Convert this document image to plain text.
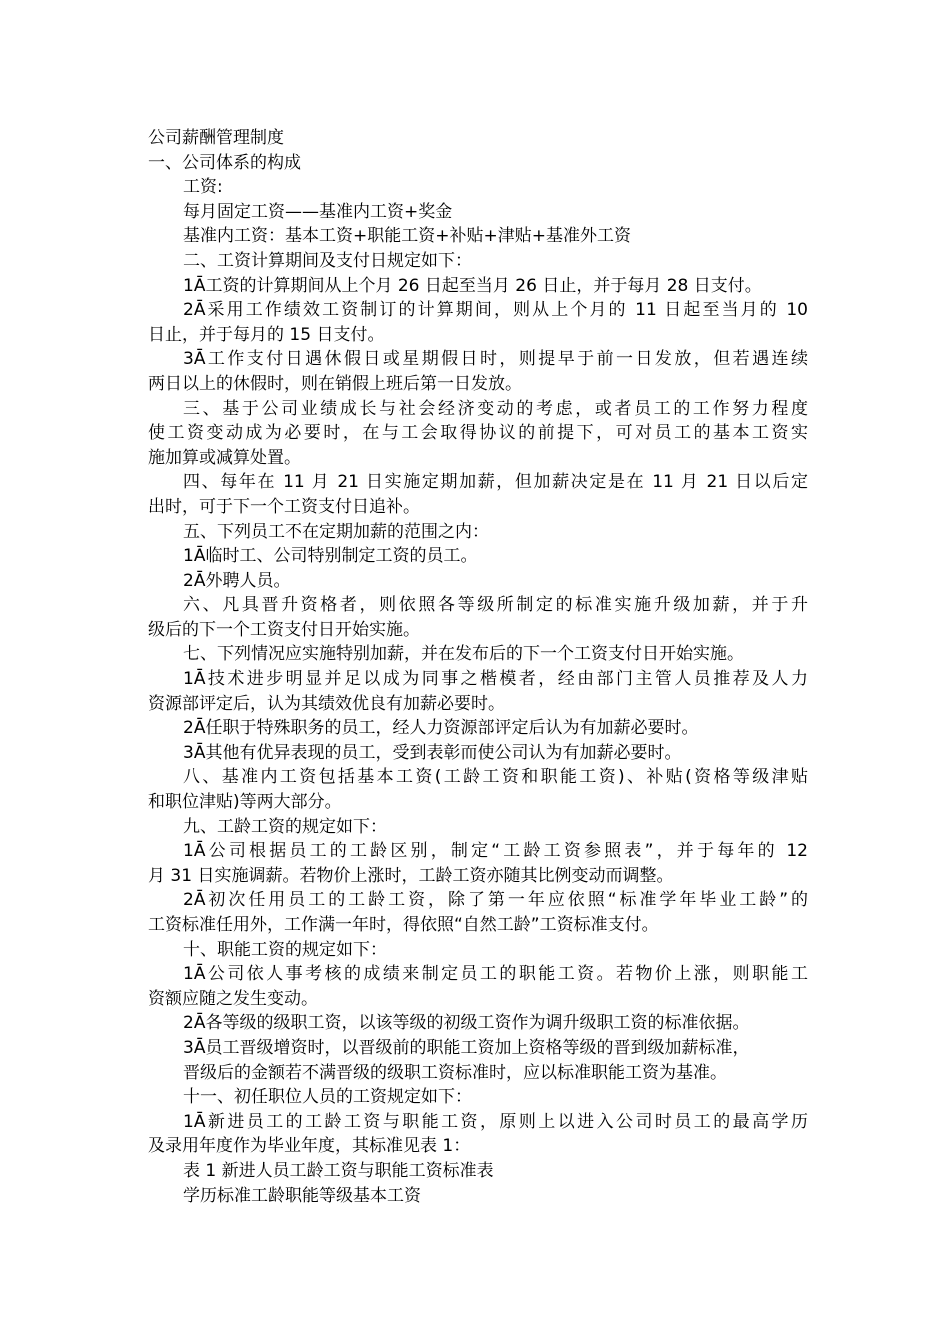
公司薪酬管理制度
一、公司体系的构成
工资:
每月固定工资——基准内工资+奖金
基准内工资：基本工资+职能工资+补贴+津贴+基准外工资
二、工资计算期间及支付日规定如下：
1Ā工资的计算期间从上个月 26 日起至当月 26 日止，并于每月 28 日支付。
2Ā采用工作绩效工资制订的计算期间，则从上个月的 11 日起至当月的 10
日止，并于每月的 15 日支付。
3Ā工作支付日遇休假日或星期假日时，则提早于前一日发放，但若遇连续
两日以上的休假时，则在销假上班后第一日发放。
三、基于公司业绩成长与社会经济变动的考虑，或者员工的工作努力程度
使工资变动成为必要时，在与工会取得协议的前提下，可对员工的基本工资实
施加算或减算处置。
四、每年在 11 月 21 日实施定期加薪，但加薪决定是在 11 月 21 日以后定
出时，可于下一个工资支付日追补。
五、下列员工不在定期加薪的范围之内：
1Ā临时工、公司特别制定工资的员工。
2Ā外聘人员。
六、凡具晋升资格者，则依照各等级所制定的标准实施升级加薪，并于升
级后的下一个工资支付日开始实施。
七、下列情况应实施特别加薪，并在发布后的下一个工资支付日开始实施。
1Ā技术进步明显并足以成为同事之楷模者，经由部门主管人员推荐及人力
资源部评定后，认为其绩效优良有加薪必要时。
2Ā任职于特殊职务的员工，经人力资源部评定后认为有加薪必要时。
3Ā其他有优异表现的员工，受到表彰而使公司认为有加薪必要时。
八、基准内工资包括基本工资(工龄工资和职能工资)、补贴(资格等级津贴
和职位津贴)等两大部分。
九、工龄工资的规定如下：
1Ā公司根据员工的工龄区别，制定“工龄工资参照表”，并于每年的 12
月 31 日实施调薪。若物价上涨时，工龄工资亦随其比例变动而调整。
2Ā初次任用员工的工龄工资，除了第一年应依照“标准学年毕业工龄”的
工资标准任用外，工作满一年时，得依照“自然工龄”工资标准支付。
十、职能工资的规定如下：
1Ā公司依人事考核的成绩来制定员工的职能工资。若物价上涨，则职能工
资额应随之发生变动。
2Ā各等级的级职工资，以该等级的初级工资作为调升级职工资的标准依据。
3Ā员工晋级增资时，以晋级前的职能工资加上资格等级的晋到级加薪标准，
晋级后的金额若不满晋级的级职工资标准时，应以标准职能工资为基准。
十一、初任职位人员的工资规定如下：
1Ā新进员工的工龄工资与职能工资，原则上以进入公司时员工的最高学历
及录用年度作为毕业年度，其标准见表 1：
表 1 新进人员工龄工资与职能工资标准表
学历标准工龄职能等级基本工资
